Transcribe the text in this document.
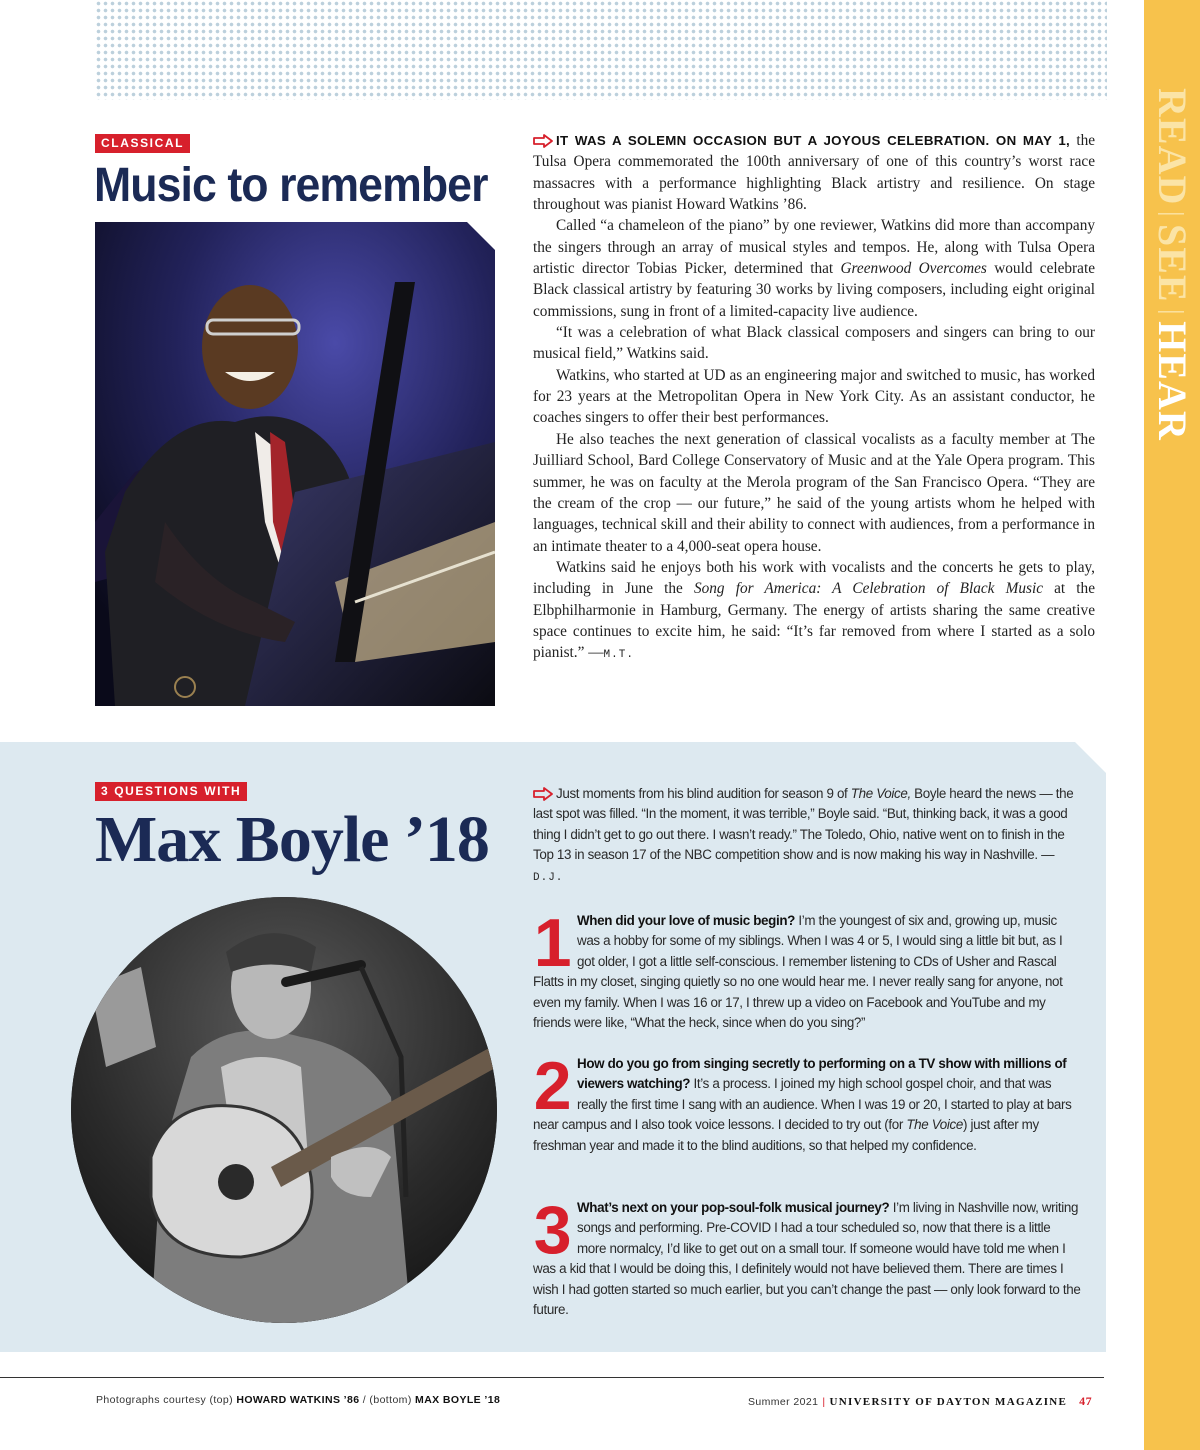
READ|SEE|HEAR
CLASSICAL
Music to remember

IT WAS A SOLEMN OCCASION BUT A JOYOUS CELEBRATION. ON MAY 1, the Tulsa Opera commemorated the 100th anniversary of one of this country’s worst race massacres with a performance highlighting Black artistry and resilience. On stage throughout was pianist Howard Watkins ’86.

Called “a chameleon of the piano” by one reviewer, Watkins did more than accompany the singers through an array of musical styles and tempos. He, along with Tulsa Opera artistic director Tobias Picker, determined that Greenwood Overcomes would celebrate Black classical artistry by featuring 30 works by living composers, including eight original commissions, sung in front of a limited-capacity live audience.

“It was a celebration of what Black classical composers and singers can bring to our musical field,” Watkins said.

Watkins, who started at UD as an engineering major and switched to music, has worked for 23 years at the Metropolitan Opera in New York City. As an assistant conductor, he coaches singers to offer their best performances.

He also teaches the next generation of classical vocalists as a faculty member at The Juilliard School, Bard College Conservatory of Music and at the Yale Opera program. This summer, he was on faculty at the Merola program of the San Francisco Opera. “They are the cream of the crop — our future,” he said of the young artists whom he helped with languages, technical skill and their ability to connect with audiences, from a performance in an intimate theater to a 4,000-seat opera house.

Watkins said he enjoys both his work with vocalists and the concerts he gets to play, including in June the Song for America: A Celebration of Black Music at the Elbphilharmonie in Hamburg, Germany. The energy of artists sharing the same creative space continues to excite him, he said: “It’s far removed from where I started as a solo pianist.” —M.T.

3 QUESTIONS WITH
Max Boyle ’18

Just moments from his blind audition for season 9 of The Voice, Boyle heard the news — the last spot was filled. “In the moment, it was terrible,” Boyle said. “But, thinking back, it was a good thing I didn’t get to go out there. I wasn’t ready.” The Toledo, Ohio, native went on to finish in the Top 13 in season 17 of the NBC competition show and is now making his way in Nashville. —D.J.

1 When did your love of music begin? I’m the youngest of six and, growing up, music was a hobby for some of my siblings. When I was 4 or 5, I would sing a little bit but, as I got older, I got a little self-conscious. I remember listening to CDs of Usher and Rascal Flatts in my closet, singing quietly so no one would hear me. I never really sang for anyone, not even my family. When I was 16 or 17, I threw up a video on Facebook and YouTube and my friends were like, “What the heck, since when do you sing?”

2 How do you go from singing secretly to performing on a TV show with millions of viewers watching? It’s a process. I joined my high school gospel choir, and that was really the first time I sang with an audience. When I was 19 or 20, I started to play at bars near campus and I also took voice lessons. I decided to try out (for The Voice) just after my freshman year and made it to the blind auditions, so that helped my confidence.

3 What’s next on your pop-soul-folk musical journey? I’m living in Nashville now, writing songs and performing. Pre-COVID I had a tour scheduled so, now that there is a little more normalcy, I’d like to get out on a small tour. If someone would have told me when I was a kid that I would be doing this, I definitely would not have believed them. There are times I wish I had gotten started so much earlier, but you can’t change the past — only look forward to the future.

Photographs courtesy (top) HOWARD WATKINS ’86 / (bottom) MAX BOYLE ’18	Summer 2021 | UNIVERSITY OF DAYTON MAGAZINE 47
